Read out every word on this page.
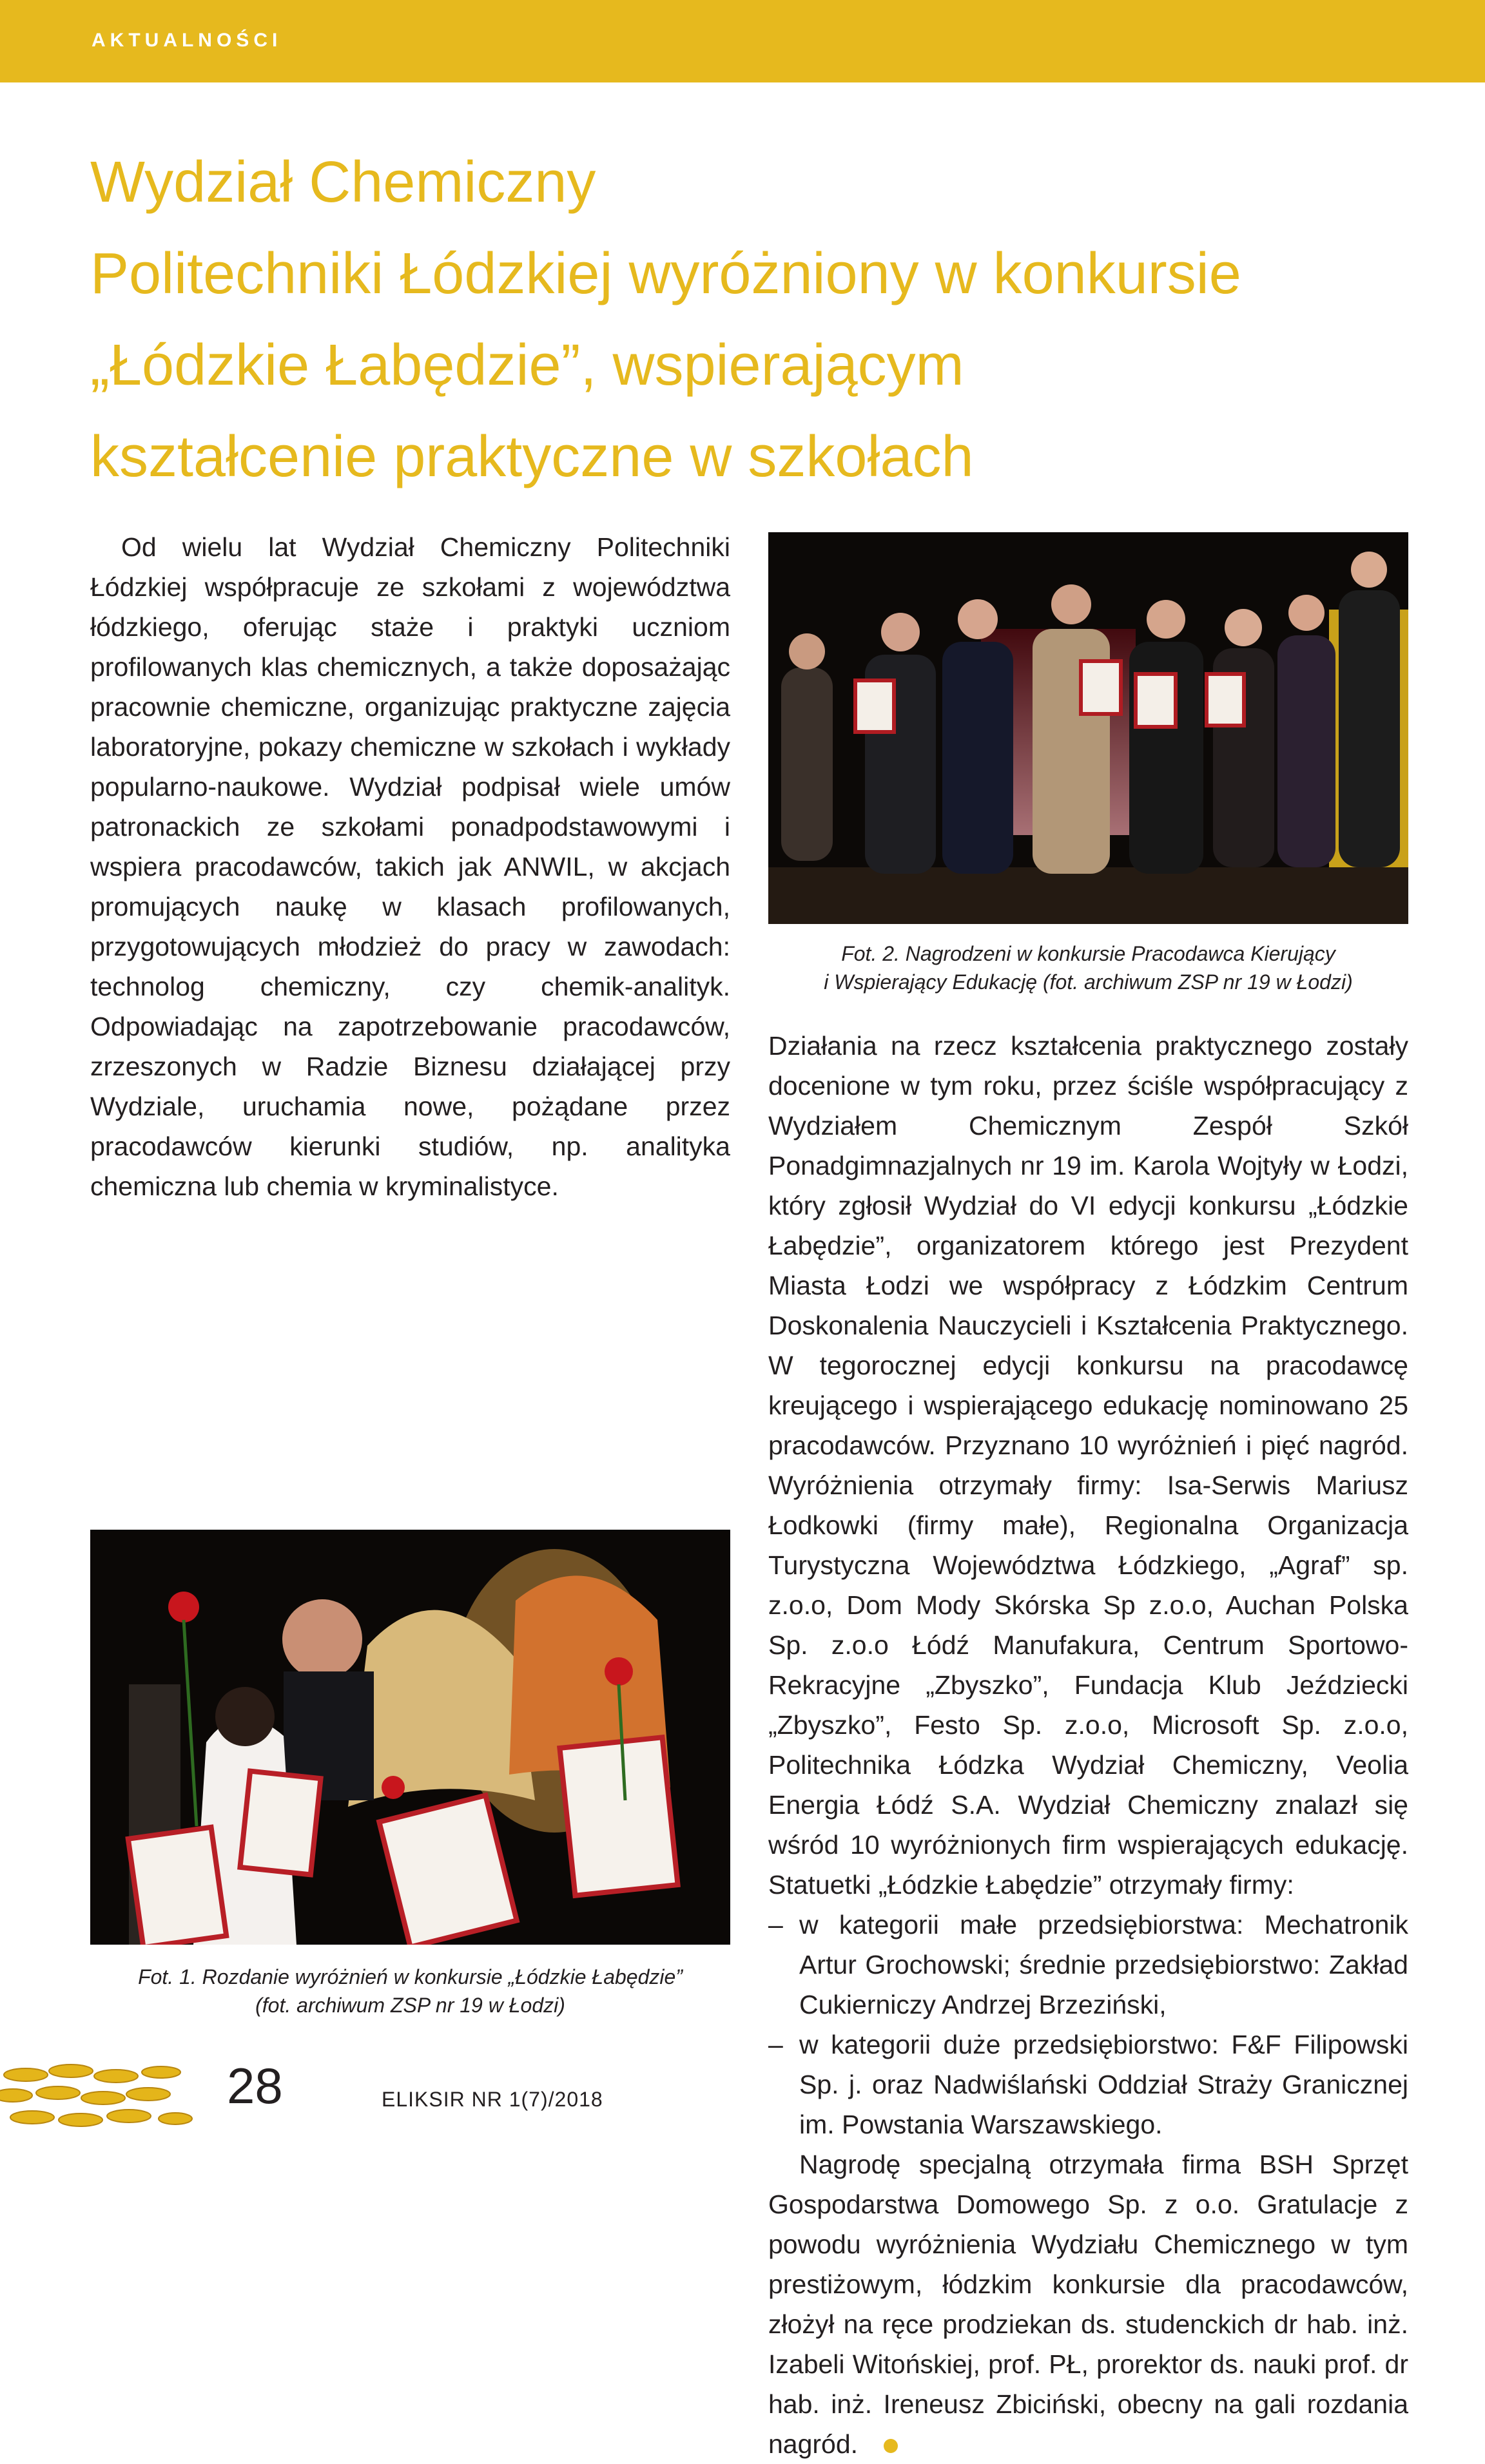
AKTUALNOŚCI
Wydział Chemiczny
Politechniki Łódzkiej wyróżniony w konkursie
„Łódzkie Łabędzie”, wspierającym
kształcenie praktyczne w szkołach

Od wielu lat Wydział Chemiczny Politechniki Łódzkiej współpracuje ze szkołami z województwa łódzkiego, oferując staże i praktyki uczniom profilowanych klas chemicznych, a także doposażając pracownie chemiczne, organizując praktyczne zajęcia laboratoryjne, pokazy chemiczne w szkołach i wykłady popularno-naukowe. Wydział podpisał wiele umów patronackich ze szkołami ponadpodstawowymi i wspiera pracodawców, takich jak ANWIL, w akcjach promujących naukę w klasach profilowanych, przygotowujących młodzież do pracy w zawodach: technolog chemiczny, czy chemik-analityk. Odpowiadając na zapotrzebowanie pracodawców, zrzeszonych w Radzie Biznesu działającej przy Wydziale, uruchamia nowe, pożądane przez pracodawców kierunki studiów, np. analityka chemiczna lub chemia w kryminalistyce.

Fot. 2. Nagrodzeni w konkursie Pracodawca Kierujący
i Wspierający Edukację (fot. archiwum ZSP nr 19 w Łodzi)

Działania na rzecz kształcenia praktycznego zostały docenione w tym roku, przez ściśle współpracujący z Wydziałem Chemicznym Zespół Szkół Ponadgimnazjalnych nr 19 im. Karola Wojtyły w Łodzi, który zgłosił Wydział do VI edycji konkursu „Łódzkie Łabędzie”, organizatorem którego jest Prezydent Miasta Łodzi we współpracy z Łódzkim Centrum Doskonalenia Nauczycieli i Kształcenia Praktycznego. W tegorocznej edycji konkursu na pracodawcę kreującego i wspierającego edukację nominowano 25 pracodawców. Przyznano 10 wyróżnień i pięć nagród. Wyróżnienia otrzymały firmy: Isa-Serwis Mariusz Łodkowki (firmy małe), Regionalna Organizacja Turystyczna Województwa Łódzkiego, „Agraf” sp. z.o.o, Dom Mody Skórska Sp z.o.o, Auchan Polska Sp. z.o.o Łódź Manufakura, Centrum Sportowo-Rekracyjne „Zbyszko”, Fundacja Klub Jeździecki „Zbyszko”, Festo Sp. z.o.o, Microsoft Sp. z.o.o, Politechnika Łódzka Wydział Chemiczny, Veolia Energia Łódź S.A. Wydział Chemiczny znalazł się wśród 10 wyróżnionych firm wspierających edukację. Statuetki „Łódzkie Łabędzie” otrzymały firmy:

– w kategorii małe przedsiębiorstwa: Mechatronik Artur Grochowski; średnie przedsiębiorstwo: Zakład Cukierniczy Andrzej Brzeziński,
– w kategorii duże przedsiębiorstwo: F&F Filipowski Sp. j. oraz Nadwiślański Oddział Straży Granicznej im. Powstania Warszawskiego.

Nagrodę specjalną otrzymała firma BSH Sprzęt Gospodarstwa Domowego Sp. z o.o. Gratulacje z powodu wyróżnienia Wydziału Chemicznego w tym prestiżowym, łódzkim konkursie dla pracodawców, złożył na ręce prodziekan ds. studenckich dr hab. inż. Izabeli Witońskiej, prof. PŁ, prorektor ds. nauki prof. dr hab. inż. Ireneusz Zbiciński, obecny na gali rozdania nagród.

Fot. 1. Rozdanie wyróżnień w konkursie „Łódzkie Łabędzie”
(fot. archiwum ZSP nr 19 w Łodzi)
28	ELIKSIR NR 1(7)/2018
